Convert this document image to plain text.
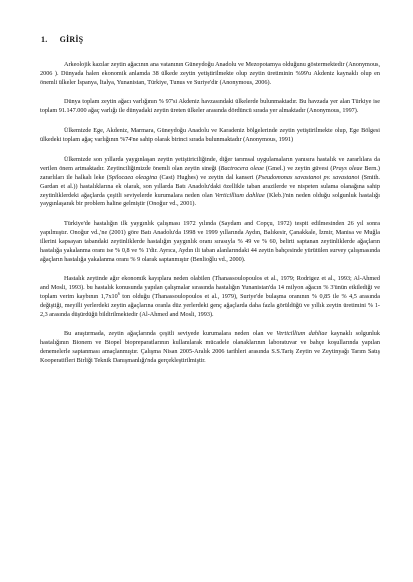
1. GİRİŞ

Arkeolojik kazılar zeytin ağacının ana vatanının Güneydoğu Anadolu ve Mezopotamya olduğunu göstermektedir (Anonymous, 2006 ). Dünyada halen ekonomik anlamda 38 ülkede zeytin yetiştirilmekte olup zeytin üretiminin %99'u Akdeniz kaynaklı olup en önemli ülkeler İspanya, İtalya, Yunanistan, Türkiye, Tunus ve Suriye'dir (Anonymous, 2006).

Dünya toplam zeytin ağacı varlığının % 97'si Akdeniz havzasındaki ülkelerde bulunmaktadır. Bu havzada yer alan Türkiye ise toplam 91.147.000 ağaç varlığı ile dünyadaki zeytin üreten ülkeler arasında dördüncü sırada yer almaktadır (Anonymous, 1997).

Ülkemizde Ege, Akdeniz, Marmara, Güneydoğu Anadolu ve Karadeniz bölgelerinde zeytin yetiştirilmekte olup, Ege Bölgesi ülkedeki toplam ağaç varlığının %74'ne sahip olarak birinci sırada bulunmaktadır (Anonymous, 1991)

Ülkemizde son yıllarda yaygınlaşan zeytin yetiştiriciliğinde, diğer tarımsal uygulamaların yanısıra hastalık ve zararlılara da verilen önem artmaktadır. Zeytinciliğimizde önemli olan zeytin sineği (Bactrocera oleae (Gmel.) ve zeytin güvesi (Prays oleae Bern.) zararlıları ile halkalı leke (Spilocaea oleagina (Cast) Hughes) ve zeytin dal kanseri (Pseudomonas savastanoi pv. savastanoi (Smith. Gardan et al.)) hastalıklarına ek olarak, son yıllarda Batı Anadolu'daki özellikle taban arazilerde ve nispeten sulama olanağına sahip zeytinliklerdeki ağaçlarda çeşitli seviyelerde kurumalara neden olan Verticillium dahliae (Kleb.)'nin neden olduğu solgunluk hastalığı yaygınlaşarak bir problem haline gelmiştir (Onoğur vd., 2001).

Türkiye'de hastalığın ilk yaygınlık çalışması 1972 yılında (Saydam and Copçu, 1972) tespit edilmesinden 26 yıl sonra yapılmıştır. Onoğur vd.,'ne (2001) göre Batı Anadolu'da 1998 ve 1999 yıllarında Aydın, Balıkesir, Çanakkale, İzmir, Manisa ve Muğla illerini kapsayan tabandaki zeytinliklerde hastalığın yaygınlık oranı sırasıyla % 49 ve % 60, belirti saptanan zeytinliklerde ağaçların hastalığa yakalanma oranı ise % 0,8 ve % 1'dir. Ayrıca, Aydın ili taban alanlarındaki 44 zeytin bahçesinde yürütülen survey çalışmasında ağaçların hastalığa yakalanma oranı % 9 olarak saptanmıştır (Benlioğlu vd., 2000).

Hastalık zeytinde ağır ekonomik kayıplara neden olabilen (Thanassoulopoulos et al., 1979; Rodrigez et al., 1993; Al-Ahmed and Mosli, 1993). bu hastalık konusunda yapılan çalışmalar sırasında hastalığın Yunanistan'da 14 milyon ağacın % 3'ünün etkilediği ve toplam verim kaybının $1,7x10^6$ ton olduğu (Thanassoulopoulos et al., 1979), Suriye'de bulaşma oranının % 0,85 ile % 4,5 arasında değiştiği, meyilli yerlerdeki zeytin ağaçlarına oranla düz yerlerdeki genç ağaçlarda daha fazla görüldüğü ve yıllık zeytin üretimini % 1-2,3 arasında düşürdüğü bildirilmektedir (Al-Ahmed and Mosli, 1993).

Bu araştırmada, zeytin ağaçlarında çeşitli seviyede kurumalara neden olan ve Verticillium dahliae kaynaklı solgunluk hastalığının Bionem ve Biopel biopreparatlarının kullanılarak mücadele olanaklarının laboratuvar ve bahçe koşullarında yapılan denemelerle saptanması amaçlanmıştır. Çalışma Nisan 2005-Aralık 2006 tarihleri arasında S.S.Tariş Zeytin ve Zeytinyağı Tarım Satış Kooperatifleri Birliği Teknik Danışmanlığı'nda gerçekleştirilmiştir.
